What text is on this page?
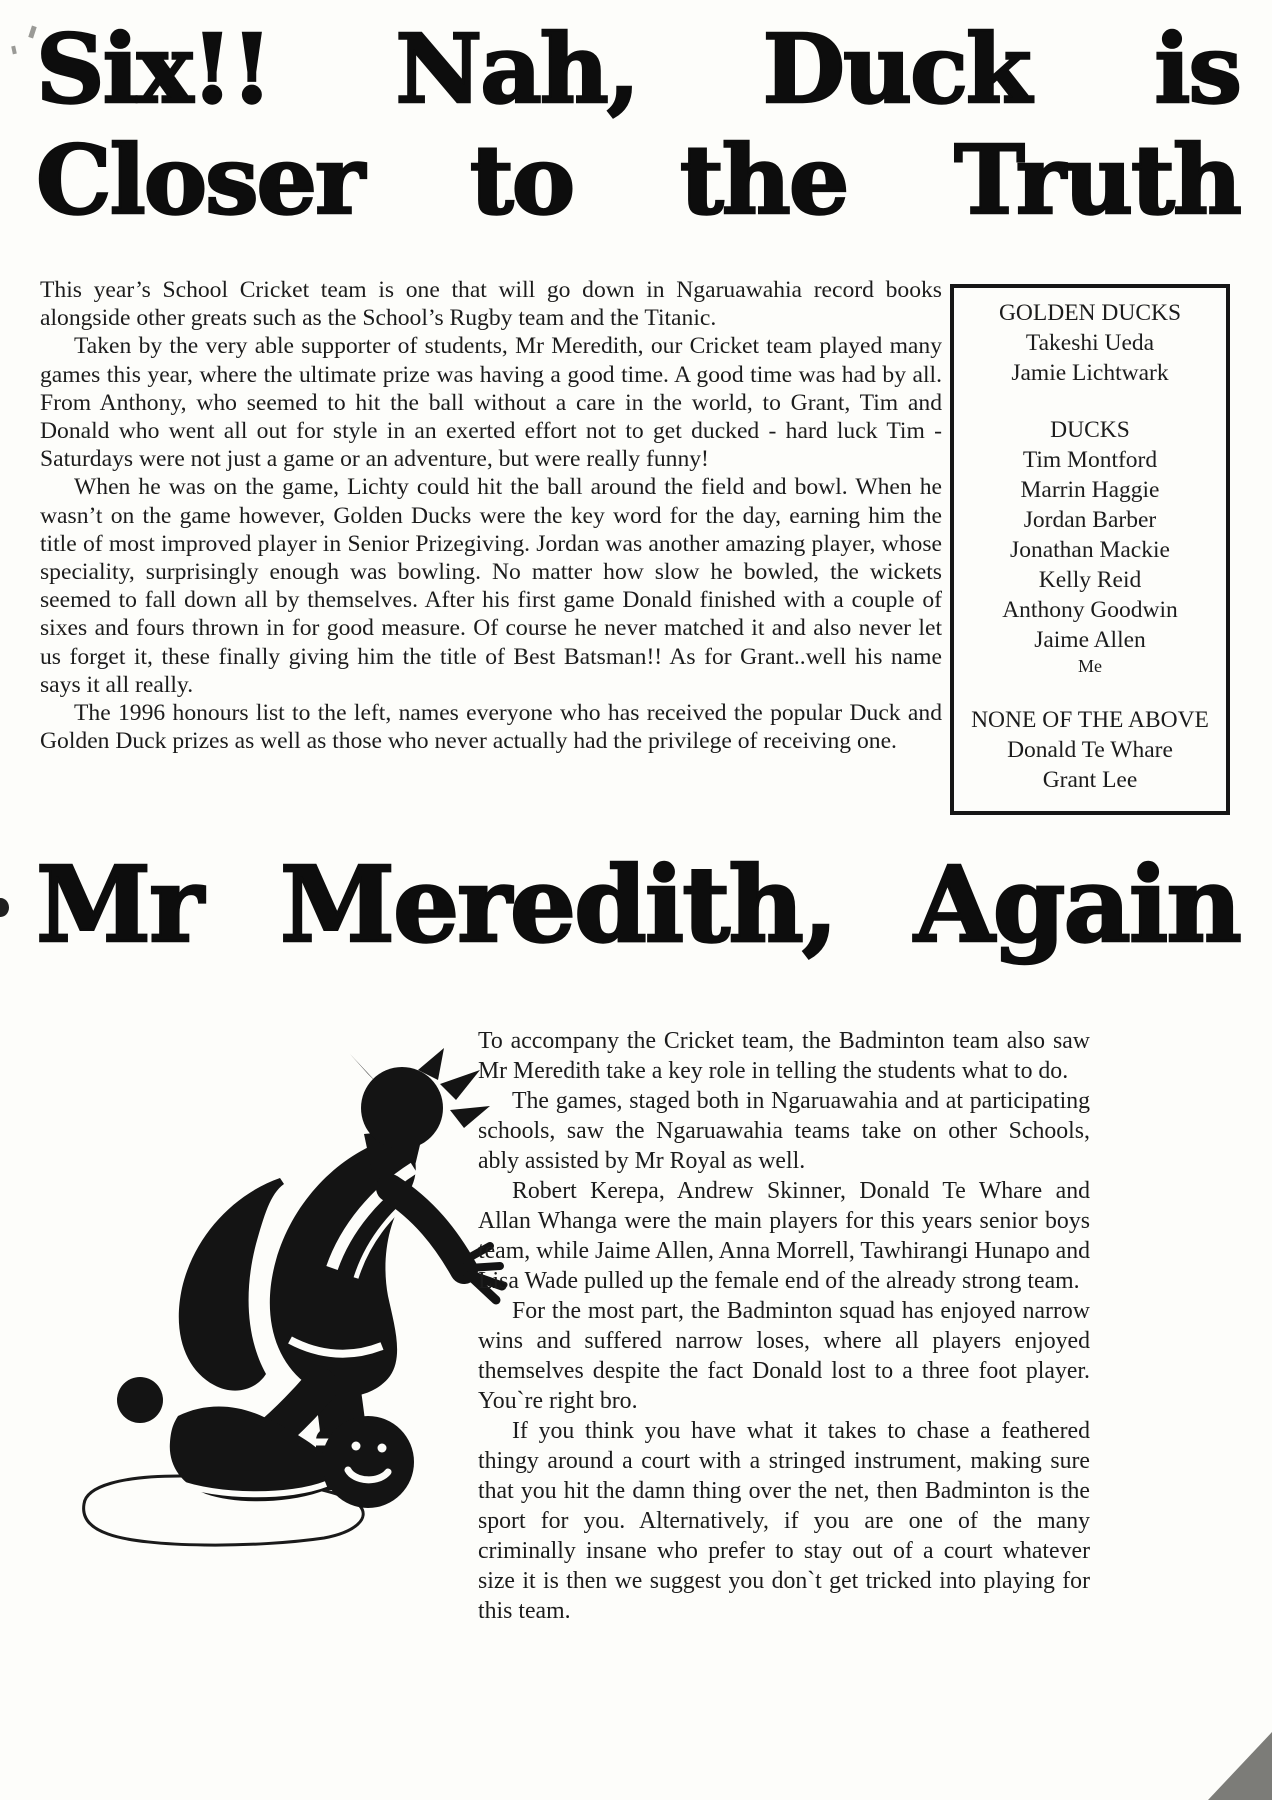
Six!! Nah, Duck is
Closer to the Truth

This year’s School Cricket team is one that will go down in Ngaruawahia record books alongside other greats such as the School’s Rugby team and the Titanic.

Taken by the very able supporter of students, Mr Meredith, our Cricket team played many games this year, where the ultimate prize was having a good time. A good time was had by all. From Anthony, who seemed to hit the ball without a care in the world, to Grant, Tim and Donald who went all out for style in an exerted effort not to get ducked - hard luck Tim - Saturdays were not just a game or an adventure, but were really funny!

When he was on the game, Lichty could hit the ball around the field and bowl. When he wasn’t on the game however, Golden Ducks were the key word for the day, earning him the title of most improved player in Senior Prizegiving. Jordan was another amazing player, whose speciality, surprisingly enough was bowling. No matter how slow he bowled, the wickets seemed to fall down all by themselves. After his first game Donald finished with a couple of sixes and fours thrown in for good measure. Of course he never matched it and also never let us forget it, these finally giving him the title of Best Batsman!! As for Grant..well his name says it all really.

The 1996 honours list to the left, names everyone who has received the popular Duck and Golden Duck prizes as well as those who never actually had the privilege of receiving one.

GOLDEN DUCKS
Takeshi Ueda
Jamie Lichtwark
DUCKS
Tim Montford
Marrin Haggie
Jordan Barber
Jonathan Mackie
Kelly Reid
Anthony Goodwin
Jaime Allen
Me
NONE OF THE ABOVE
Donald Te Whare
Grant Lee
Mr Meredith, Again

To accompany the Cricket team, the Badminton team also saw Mr Meredith take a key role in telling the students what to do.

The games, staged both in Ngaruawahia and at participating schools, saw the Ngaruawahia teams take on other Schools, ably assisted by Mr Royal as well.

Robert Kerepa, Andrew Skinner, Donald Te Whare and Allan Whanga were the main players for this years senior boys team, while Jaime Allen, Anna Morrell, Tawhirangi Hunapo and Lisa Wade pulled up the female end of the already strong team.

For the most part, the Badminton squad has enjoyed narrow wins and suffered narrow loses, where all players enjoyed themselves despite the fact Donald lost to a three foot player. You`re right bro.

If you think you have what it takes to chase a feathered thingy around a court with a stringed instrument, making sure that you hit the damn thing over the net, then Badminton is the sport for you. Alternatively, if you are one of the many criminally insane who prefer to stay out of a court whatever size it is then we suggest you don`t get tricked into playing for this team.
